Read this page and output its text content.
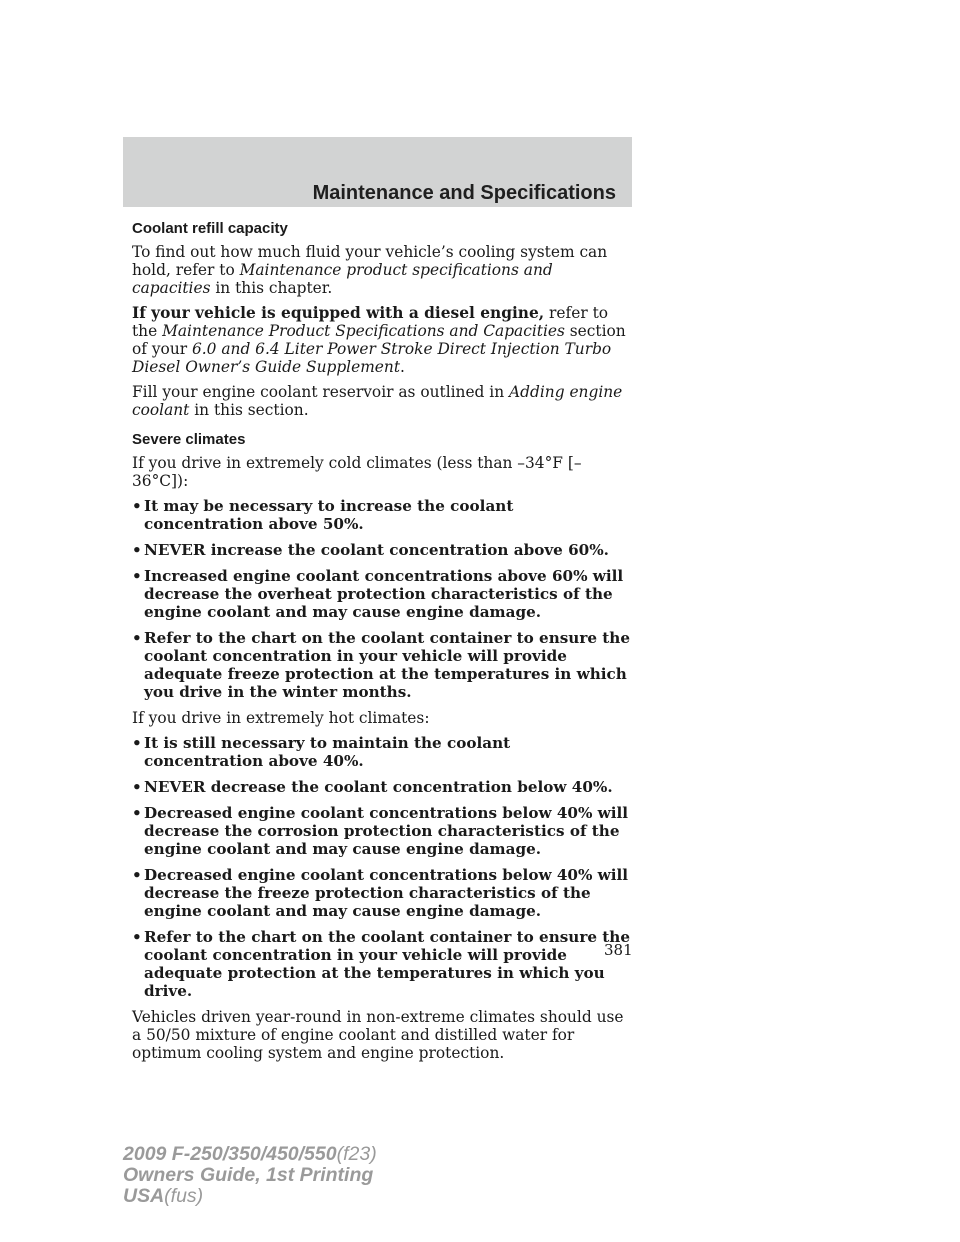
Maintenance and Specifications
Coolant refill capacity

To find out how much fluid your vehicle’s cooling system can hold, refer to Maintenance product specifications and capacities in this chapter.

If your vehicle is equipped with a diesel engine, refer to the Maintenance Product Specifications and Capacities section of your 6.0 and 6.4 Liter Power Stroke Direct Injection Turbo Diesel Owner’s Guide Supplement.

Fill your engine coolant reservoir as outlined in Adding engine coolant in this section.

Severe climates

If you drive in extremely cold climates (less than –34°F [–36°C]):

• It may be necessary to increase the coolant concentration above 50%.
• NEVER increase the coolant concentration above 60%.
• Increased engine coolant concentrations above 60% will decrease the overheat protection characteristics of the engine coolant and may cause engine damage.
• Refer to the chart on the coolant container to ensure the coolant concentration in your vehicle will provide adequate freeze protection at the temperatures in which you drive in the winter months.

If you drive in extremely hot climates:

• It is still necessary to maintain the coolant concentration above 40%.
• NEVER decrease the coolant concentration below 40%.
• Decreased engine coolant concentrations below 40% will decrease the corrosion protection characteristics of the engine coolant and may cause engine damage.
• Decreased engine coolant concentrations below 40% will decrease the freeze protection characteristics of the engine coolant and may cause engine damage.
• Refer to the chart on the coolant container to ensure the coolant concentration in your vehicle will provide adequate protection at the temperatures in which you drive.

Vehicles driven year-round in non-extreme climates should use a 50/50 mixture of engine coolant and distilled water for optimum cooling system and engine protection.

381
2009 F-250/350/450/550(f23)
Owners Guide, 1st Printing
USA(fus)
